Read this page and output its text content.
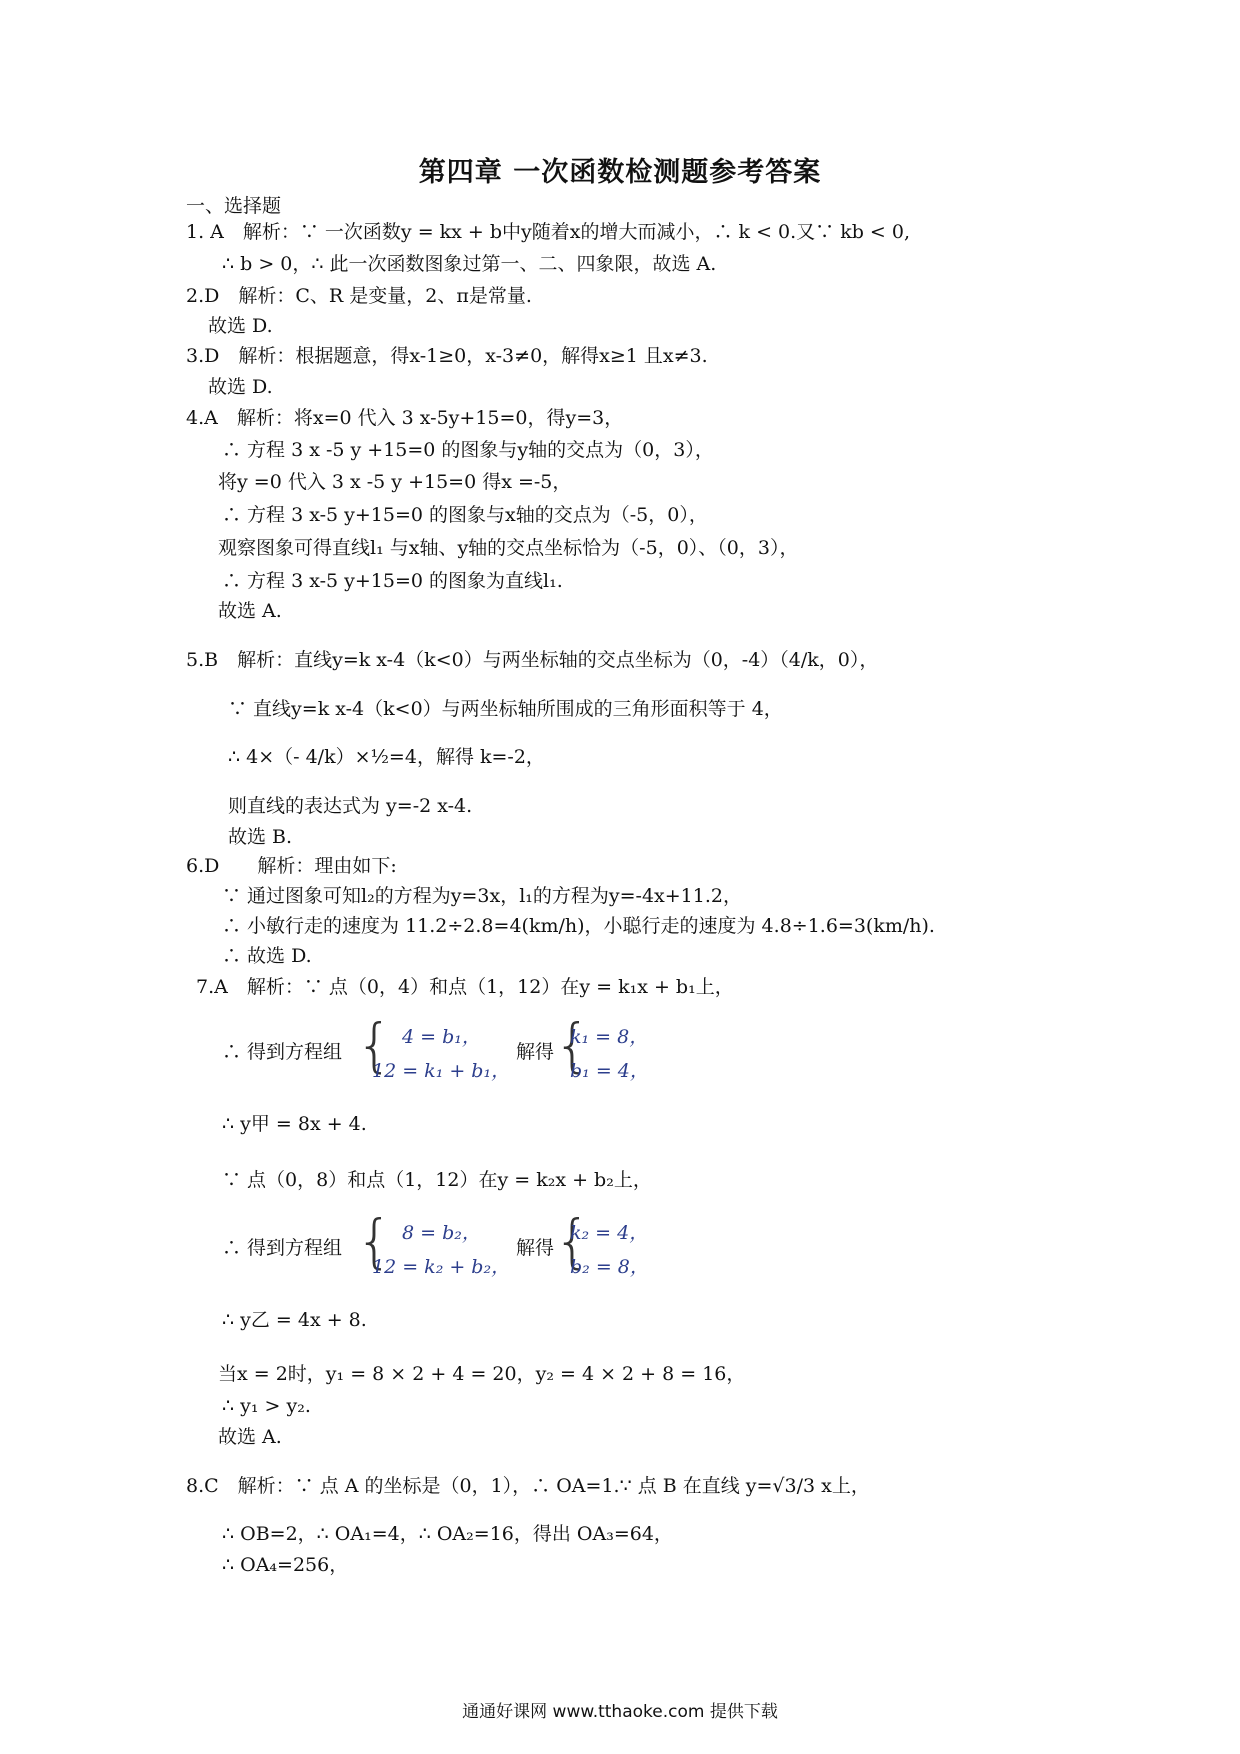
第四章 一次函数检测题参考答案
一、选择题
1. A　解析：∵ 一次函数y = kx + b中y随着x的增大而减小，∴ k < 0.又∵ kb < 0,
∴ b > 0，∴ 此一次函数图象过第一、二、四象限，故选 A.
2.D　解析：C、R 是变量，2、π是常量.
故选 D.
3.D　解析：根据题意，得x-1≥0，x-3≠0，解得x≥1 且x≠3.
故选 D.
4.A　解析：将x=0 代入 3 x-5y+15=0，得y=3，
∴ 方程 3 x -5 y +15=0 的图象与y轴的交点为（0，3），
将y =0 代入 3 x -5 y +15=0 得x =-5，
∴ 方程 3 x-5 y+15=0 的图象与x轴的交点为（-5，0），
观察图象可得直线l₁ 与x轴、y轴的交点坐标恰为（-5，0）、（0，3），
∴ 方程 3 x-5 y+15=0 的图象为直线l₁.
故选 A.
5.B　解析：直线y=k x-4（k<0）与两坐标轴的交点坐标为（0，-4）（4/k，0），
∵ 直线y=k x-4（k<0）与两坐标轴所围成的三角形面积等于 4，
∴ 4×（- 4/k）×½=4，解得 k=-2，
则直线的表达式为 y=-2 x-4.
故选 B.
6.D　　解析：理由如下:
∵ 通过图象可知l₂的方程为y=3x，l₁的方程为y=-4x+11.2，
∴ 小敏行走的速度为 11.2÷2.8=4(km/h)，小聪行走的速度为 4.8÷1.6=3(km/h).
∴ 故选 D.
7.A　解析：∵ 点（0，4）和点（1，12）在y = k₁x + b₁上，
∴ 得到方程组 { 4 = b₁，
12 = k₁ + b₁，
解得 {
k₁ = 8，
b₁ = 4，
∴ y甲 = 8x + 4.
∵ 点（0，8）和点（1，12）在y = k₂x + b₂上，
∴ 得到方程组 { 8 = b₂，
12 = k₂ + b₂，
解得 {
k₂ = 4，
b₂ = 8，
∴ y乙 = 4x + 8.
当x = 2时，y₁ = 8 × 2 + 4 = 20，y₂ = 4 × 2 + 8 = 16，
∴ y₁ > y₂.
故选 A.
8.C　解析：∵ 点 A 的坐标是（0，1），∴ OA=1.∵ 点 B 在直线 y=√3/3 x上，
∴ OB=2，∴ OA₁=4，∴ OA₂=16，得出 OA₃=64，
∴ OA₄=256，
通通好课网 www.tthaoke.com 提供下载
